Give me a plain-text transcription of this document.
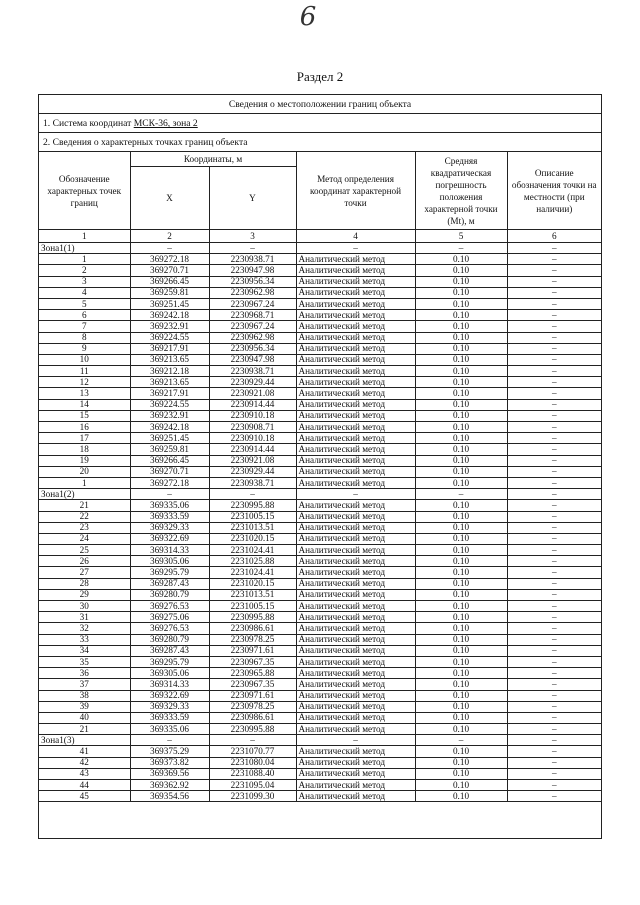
6
Раздел 2
Сведения о местоположении границ объекта
1. Система координат МСК-36, зона 2
2. Сведения о характерных точках границ объекта
Обозначение характерных точек границ	Координаты, м		Метод определения координат характерной точки	Средняя квадратическая погрешность положения характерной точки (Mt), м	Описание обозначения точки на местности (при наличии)
	X	Y			
1	2	3	4	5	6
Зона1(1)	–	–	–	–	–
1	369272.18	2230938.71	Аналитический метод	0.10	–
2	369270.71	2230947.98	Аналитический метод	0.10	–
3	369266.45	2230956.34	Аналитический метод	0.10	–
4	369259.81	2230962.98	Аналитический метод	0.10	–
5	369251.45	2230967.24	Аналитический метод	0.10	–
6	369242.18	2230968.71	Аналитический метод	0.10	–
7	369232.91	2230967.24	Аналитический метод	0.10	–
8	369224.55	2230962.98	Аналитический метод	0.10	–
9	369217.91	2230956.34	Аналитический метод	0.10	–
10	369213.65	2230947.98	Аналитический метод	0.10	–
11	369212.18	2230938.71	Аналитический метод	0.10	–
12	369213.65	2230929.44	Аналитический метод	0.10	–
13	369217.91	2230921.08	Аналитический метод	0.10	–
14	369224.55	2230914.44	Аналитический метод	0.10	–
15	369232.91	2230910.18	Аналитический метод	0.10	–
16	369242.18	2230908.71	Аналитический метод	0.10	–
17	369251.45	2230910.18	Аналитический метод	0.10	–
18	369259.81	2230914.44	Аналитический метод	0.10	–
19	369266.45	2230921.08	Аналитический метод	0.10	–
20	369270.71	2230929.44	Аналитический метод	0.10	–
1	369272.18	2230938.71	Аналитический метод	0.10	–
Зона1(2)	–	–	–	–	–
21	369335.06	2230995.88	Аналитический метод	0.10	–
22	369333.59	2231005.15	Аналитический метод	0.10	–
23	369329.33	2231013.51	Аналитический метод	0.10	–
24	369322.69	2231020.15	Аналитический метод	0.10	–
25	369314.33	2231024.41	Аналитический метод	0.10	–
26	369305.06	2231025.88	Аналитический метод	0.10	–
27	369295.79	2231024.41	Аналитический метод	0.10	–
28	369287.43	2231020.15	Аналитический метод	0.10	–
29	369280.79	2231013.51	Аналитический метод	0.10	–
30	369276.53	2231005.15	Аналитический метод	0.10	–
31	369275.06	2230995.88	Аналитический метод	0.10	–
32	369276.53	2230986.61	Аналитический метод	0.10	–
33	369280.79	2230978.25	Аналитический метод	0.10	–
34	369287.43	2230971.61	Аналитический метод	0.10	–
35	369295.79	2230967.35	Аналитический метод	0.10	–
36	369305.06	2230965.88	Аналитический метод	0.10	–
37	369314.33	2230967.35	Аналитический метод	0.10	–
38	369322.69	2230971.61	Аналитический метод	0.10	–
39	369329.33	2230978.25	Аналитический метод	0.10	–
40	369333.59	2230986.61	Аналитический метод	0.10	–
21	369335.06	2230995.88	Аналитический метод	0.10	–
Зона1(3)	–	–	–	–	–
41	369375.29	2231070.77	Аналитический метод	0.10	–
42	369373.82	2231080.04	Аналитический метод	0.10	–
43	369369.56	2231088.40	Аналитический метод	0.10	–
44	369362.92	2231095.04	Аналитический метод	0.10	–
45	369354.56	2231099.30	Аналитический метод	0.10	–
